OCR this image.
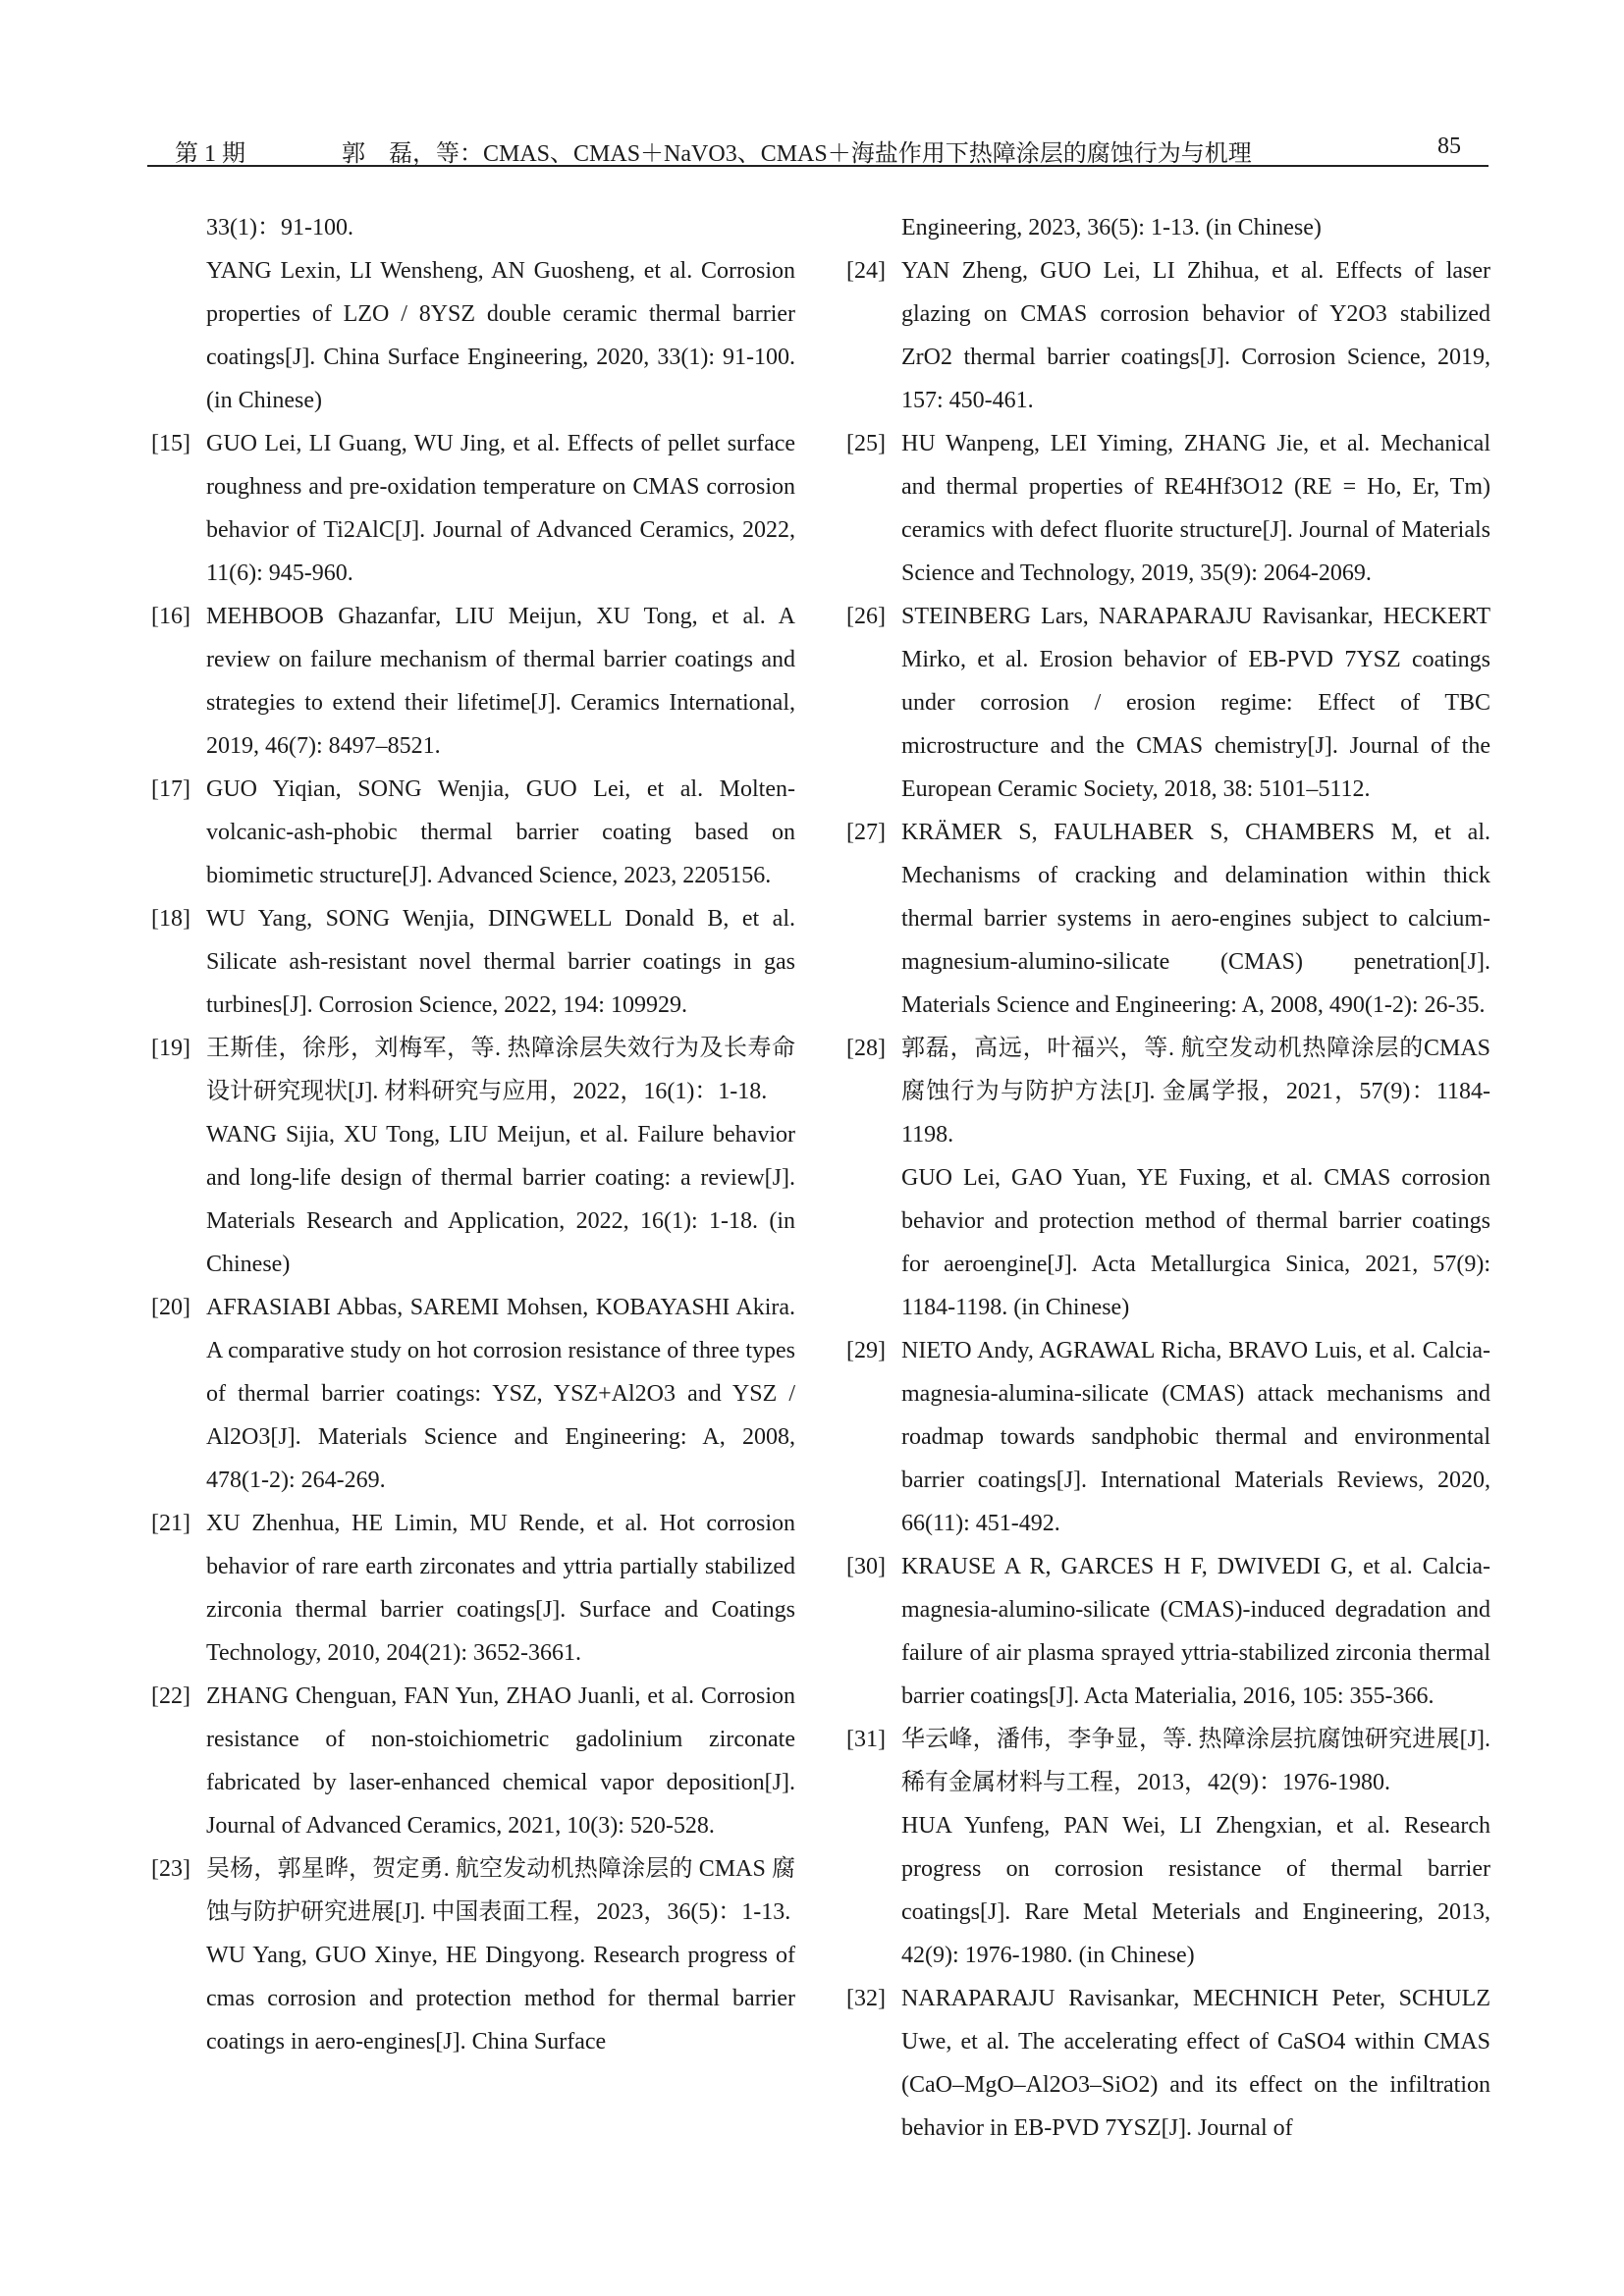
第 1 期	郭　磊，等：CMAS、CMAS＋NaVO3、CMAS＋海盐作用下热障涂层的腐蚀行为与机理	85
33(1)：91-100.
YANG Lexin, LI Wensheng, AN Guosheng, et al. Corrosion properties of LZO / 8YSZ double ceramic thermal barrier coatings[J]. China Surface Engineering, 2020, 33(1): 91-100. (in Chinese)
[15] GUO Lei, LI Guang, WU Jing, et al. Effects of pellet surface roughness and pre-oxidation temperature on CMAS corrosion behavior of Ti2AlC[J]. Journal of Advanced Ceramics, 2022, 11(6): 945-960.
[16] MEHBOOB Ghazanfar, LIU Meijun, XU Tong, et al. A review on failure mechanism of thermal barrier coatings and strategies to extend their lifetime[J]. Ceramics International, 2019, 46(7): 8497–8521.
[17] GUO Yiqian, SONG Wenjia, GUO Lei, et al. Molten-volcanic-ash-phobic thermal barrier coating based on biomimetic structure[J]. Advanced Science, 2023, 2205156.
[18] WU Yang, SONG Wenjia, DINGWELL Donald B, et al. Silicate ash-resistant novel thermal barrier coatings in gas turbines[J]. Corrosion Science, 2022, 194: 109929.
[19] 王斯佳，徐彤，刘梅军，等. 热障涂层失效行为及长寿命设计研究现状[J]. 材料研究与应用，2022，16(1)：1-18.
WANG Sijia, XU Tong, LIU Meijun, et al. Failure behavior and long-life design of thermal barrier coating: a review[J]. Materials Research and Application, 2022, 16(1): 1-18. (in Chinese)
[20] AFRASIABI Abbas, SAREMI Mohsen, KOBAYASHI Akira. A comparative study on hot corrosion resistance of three types of thermal barrier coatings: YSZ, YSZ+Al2O3 and YSZ / Al2O3[J]. Materials Science and Engineering: A, 2008, 478(1-2): 264-269.
[21] XU Zhenhua, HE Limin, MU Rende, et al. Hot corrosion behavior of rare earth zirconates and yttria partially stabilized zirconia thermal barrier coatings[J]. Surface and Coatings Technology, 2010, 204(21): 3652-3661.
[22] ZHANG Chenguan, FAN Yun, ZHAO Juanli, et al. Corrosion resistance of non-stoichiometric gadolinium zirconate fabricated by laser-enhanced chemical vapor deposition[J]. Journal of Advanced Ceramics, 2021, 10(3): 520-528.
[23] 吴杨，郭星晔，贺定勇. 航空发动机热障涂层的 CMAS 腐蚀与防护研究进展[J]. 中国表面工程，2023，36(5)：1-13.
WU Yang, GUO Xinye, HE Dingyong. Research progress of cmas corrosion and protection method for thermal barrier coatings in aero-engines[J]. China Surface
Engineering, 2023, 36(5): 1-13. (in Chinese)
[24] YAN Zheng, GUO Lei, LI Zhihua, et al. Effects of laser glazing on CMAS corrosion behavior of Y2O3 stabilized ZrO2 thermal barrier coatings[J]. Corrosion Science, 2019, 157: 450-461.
[25] HU Wanpeng, LEI Yiming, ZHANG Jie, et al. Mechanical and thermal properties of RE4Hf3O12 (RE = Ho, Er, Tm) ceramics with defect fluorite structure[J]. Journal of Materials Science and Technology, 2019, 35(9): 2064-2069.
[26] STEINBERG Lars, NARAPARAJU Ravisankar, HECKERT Mirko, et al. Erosion behavior of EB-PVD 7YSZ coatings under corrosion / erosion regime: Effect of TBC microstructure and the CMAS chemistry[J]. Journal of the European Ceramic Society, 2018, 38: 5101–5112.
[27] KRÄMER S, FAULHABER S, CHAMBERS M, et al. Mechanisms of cracking and delamination within thick thermal barrier systems in aero-engines subject to calcium-magnesium-alumino-silicate (CMAS) penetration[J]. Materials Science and Engineering: A, 2008, 490(1-2): 26-35.
[28] 郭磊，高远，叶福兴，等. 航空发动机热障涂层的CMAS腐蚀行为与防护方法[J]. 金属学报，2021，57(9)：1184-1198.
GUO Lei, GAO Yuan, YE Fuxing, et al. CMAS corrosion behavior and protection method of thermal barrier coatings for aeroengine[J]. Acta Metallurgica Sinica, 2021, 57(9): 1184-1198. (in Chinese)
[29] NIETO Andy, AGRAWAL Richa, BRAVO Luis, et al. Calcia-magnesia-alumina-silicate (CMAS) attack mechanisms and roadmap towards sandphobic thermal and environmental barrier coatings[J]. International Materials Reviews, 2020, 66(11): 451-492.
[30] KRAUSE A R, GARCES H F, DWIVEDI G, et al. Calcia-magnesia-alumino-silicate (CMAS)-induced degradation and failure of air plasma sprayed yttria-stabilized zirconia thermal barrier coatings[J]. Acta Materialia, 2016, 105: 355-366.
[31] 华云峰，潘伟，李争显，等. 热障涂层抗腐蚀研究进展[J]. 稀有金属材料与工程，2013，42(9)：1976-1980.
HUA Yunfeng, PAN Wei, LI Zhengxian, et al. Research progress on corrosion resistance of thermal barrier coatings[J]. Rare Metal Meterials and Engineering, 2013, 42(9): 1976-1980. (in Chinese)
[32] NARAPARAJU Ravisankar, MECHNICH Peter, SCHULZ Uwe, et al. The accelerating effect of CaSO4 within CMAS (CaO–MgO–Al2O3–SiO2) and its effect on the infiltration behavior in EB-PVD 7YSZ[J]. Journal of
